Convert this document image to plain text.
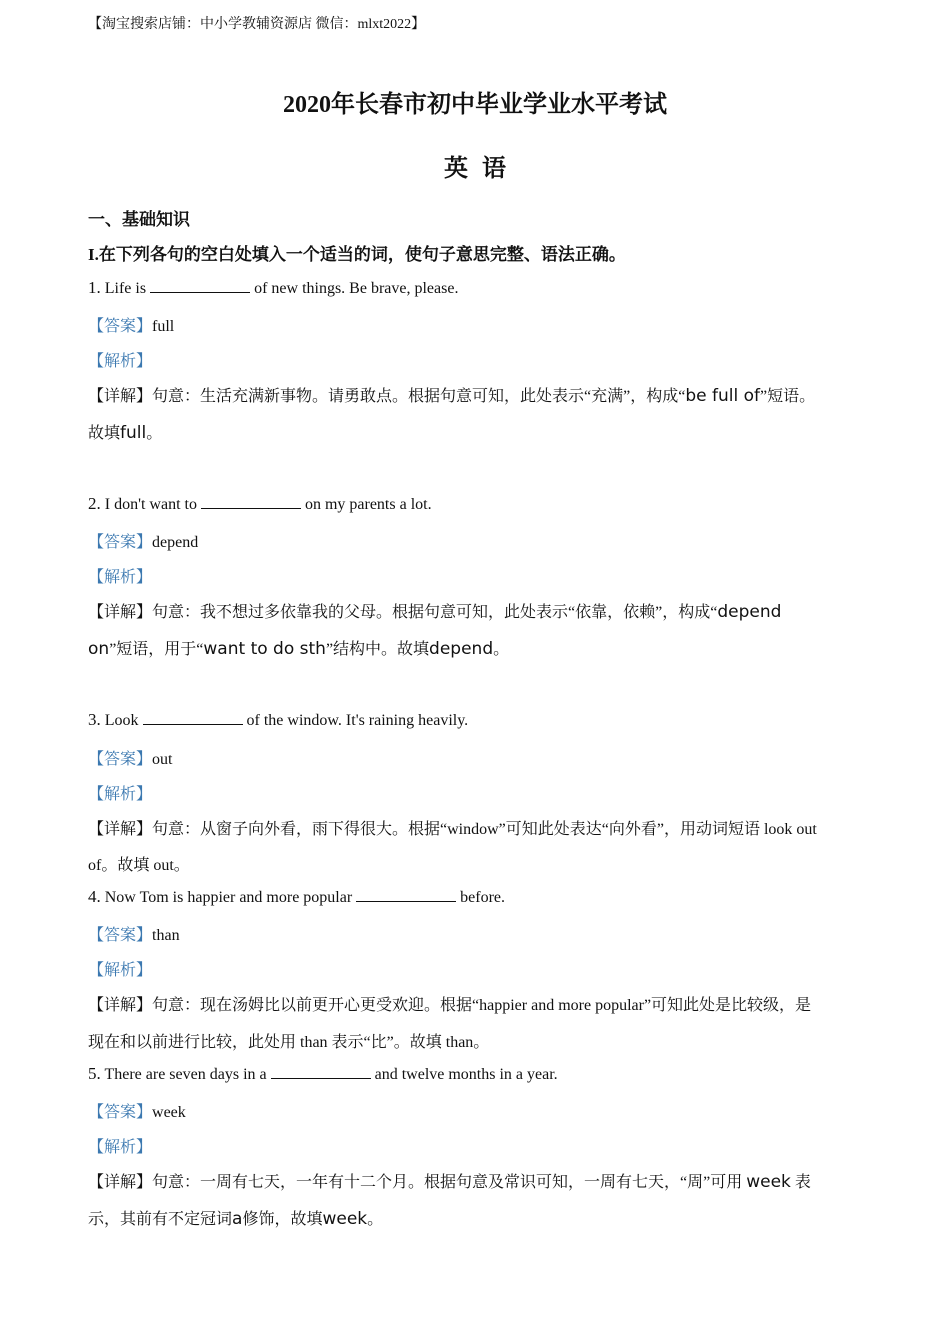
【淘宝搜索店铺：中小学教辅资源店 微信：mlxt2022】
2020年长春市初中毕业学业水平考试
英语
一、基础知识
I.在下列各句的空白处填入一个适当的词，使句子意思完整、语法正确。
1. Life is	of new things. Be brave, please.
【答案】full
【解析】
【详解】句意：生活充满新事物。请勇敢点。根据句意可知，此处表示“充满”，构成“be full of”短语。
故填full。
2. I don't want to	on my parents a lot.
【答案】depend
【解析】
【详解】句意：我不想过多依靠我的父母。根据句意可知，此处表示“依靠，依赖”，构成“depend
on”短语，用于“want to do sth”结构中。故填depend。
3. Look	of the window. It's raining heavily.
【答案】out
【解析】
【详解】句意：从窗子向外看，雨下得很大。根据“window”可知此处表达“向外看”，用动词短语 look out
of。故填 out。
4. Now Tom is happier and more popular	before.
【答案】than
【解析】
【详解】句意：现在汤姆比以前更开心更受欢迎。根据“happier and more popular”可知此处是比较级，是
现在和以前进行比较，此处用 than 表示“比”。故填 than。
5. There are seven days in a	and twelve months in a year.
【答案】week
【解析】
【详解】句意：一周有七天，一年有十二个月。根据句意及常识可知，一周有七天，“周”可用 week 表
示，其前有不定冠词a修饰，故填week。
